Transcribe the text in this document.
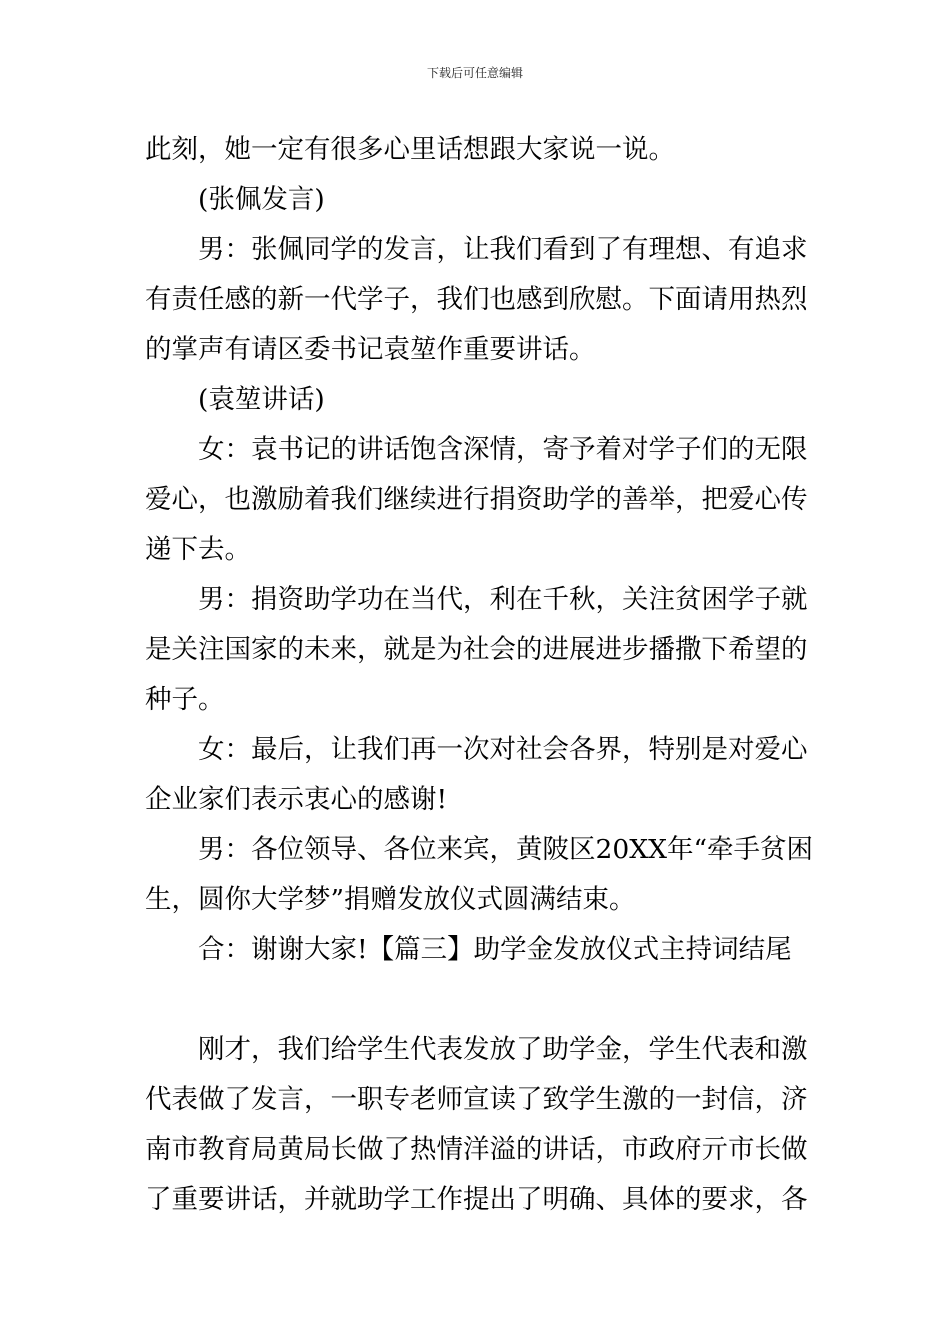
下载后可任意编辑

此刻，她一定有很多心里话想跟大家说一说。

(张佩发言)

男：张佩同学的发言，让我们看到了有理想、有追求

有责任感的新一代学子，我们也感到欣慰。下面请用热烈

的掌声有请区委书记袁堃作重要讲话。

(袁堃讲话)

女：袁书记的讲话饱含深情，寄予着对学子们的无限

爱心，也激励着我们继续进行捐资助学的善举，把爱心传

递下去。

男：捐资助学功在当代，利在千秋，关注贫困学子就

是关注国家的未来，就是为社会的进展进步播撒下希望的

种子。

女：最后，让我们再一次对社会各界，特别是对爱心

企业家们表示衷心的感谢!

男：各位领导、各位来宾，黄陂区20XX年“牵手贫困

生，圆你大学梦”捐赠发放仪式圆满结束。

合：谢谢大家!【篇三】助学金发放仪式主持词结尾

刚才，我们给学生代表发放了助学金，学生代表和激

代表做了发言，一职专老师宣读了致学生激的一封信，济

南市教育局黄局长做了热情洋溢的讲话，市政府亓市长做

了重要讲话，并就助学工作提出了明确、具体的要求，各
